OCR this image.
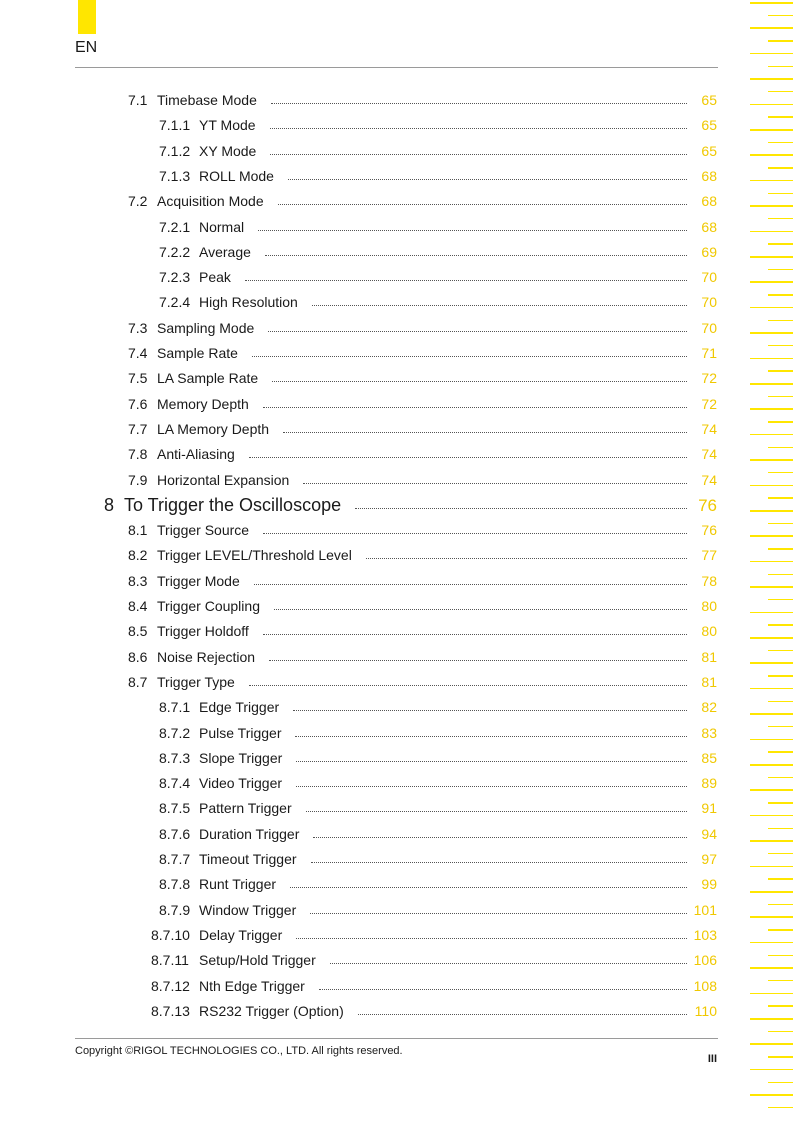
EN
7.1 Timebase Mode	65
7.1.1 YT Mode	65
7.1.2 XY Mode	65
7.1.3 ROLL Mode	68
7.2 Acquisition Mode	68
7.2.1 Normal	68
7.2.2 Average	69
7.2.3 Peak	70
7.2.4 High Resolution	70
7.3 Sampling Mode	70
7.4 Sample Rate	71
7.5 LA Sample Rate	72
7.6 Memory Depth	72
7.7 LA Memory Depth	74
7.8 Anti-Aliasing	74
7.9 Horizontal Expansion	74
8 To Trigger the Oscilloscope	76
8.1 Trigger Source	76
8.2 Trigger LEVEL/Threshold Level	77
8.3 Trigger Mode	78
8.4 Trigger Coupling	80
8.5 Trigger Holdoff	80
8.6 Noise Rejection	81
8.7 Trigger Type	81
8.7.1 Edge Trigger	82
8.7.2 Pulse Trigger	83
8.7.3 Slope Trigger	85
8.7.4 Video Trigger	89
8.7.5 Pattern Trigger	91
8.7.6 Duration Trigger	94
8.7.7 Timeout Trigger	97
8.7.8 Runt Trigger	99
8.7.9 Window Trigger	101
8.7.10 Delay Trigger	103
8.7.11 Setup/Hold Trigger	106
8.7.12 Nth Edge Trigger	108
8.7.13 RS232 Trigger (Option)	110
Copyright ©RIGOL TECHNOLOGIES CO., LTD. All rights reserved.
III
